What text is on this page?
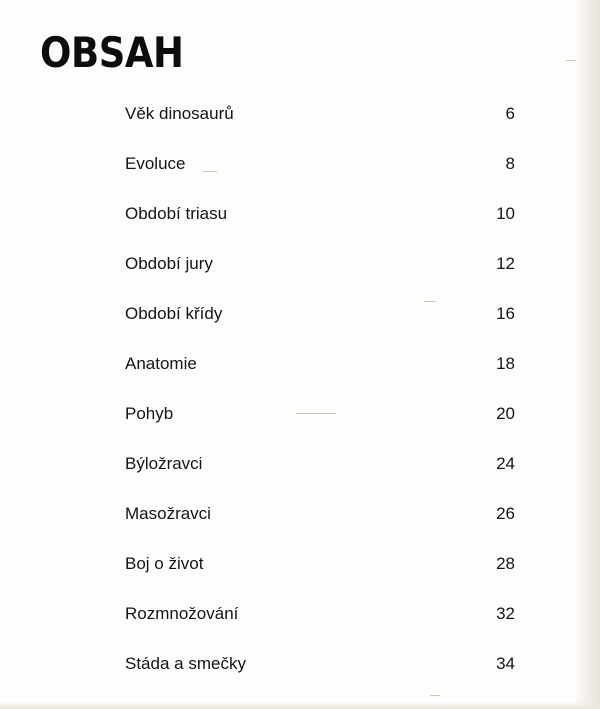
OBSAH
Věk dinosaurů	6
Evoluce	8
Období triasu	10
Období jury	12
Období křídy	16
Anatomie	18
Pohyb	20
Býložravci	24
Masožravci	26
Boj o život	28
Rozmnožování	32
Stáda a smečky	34
